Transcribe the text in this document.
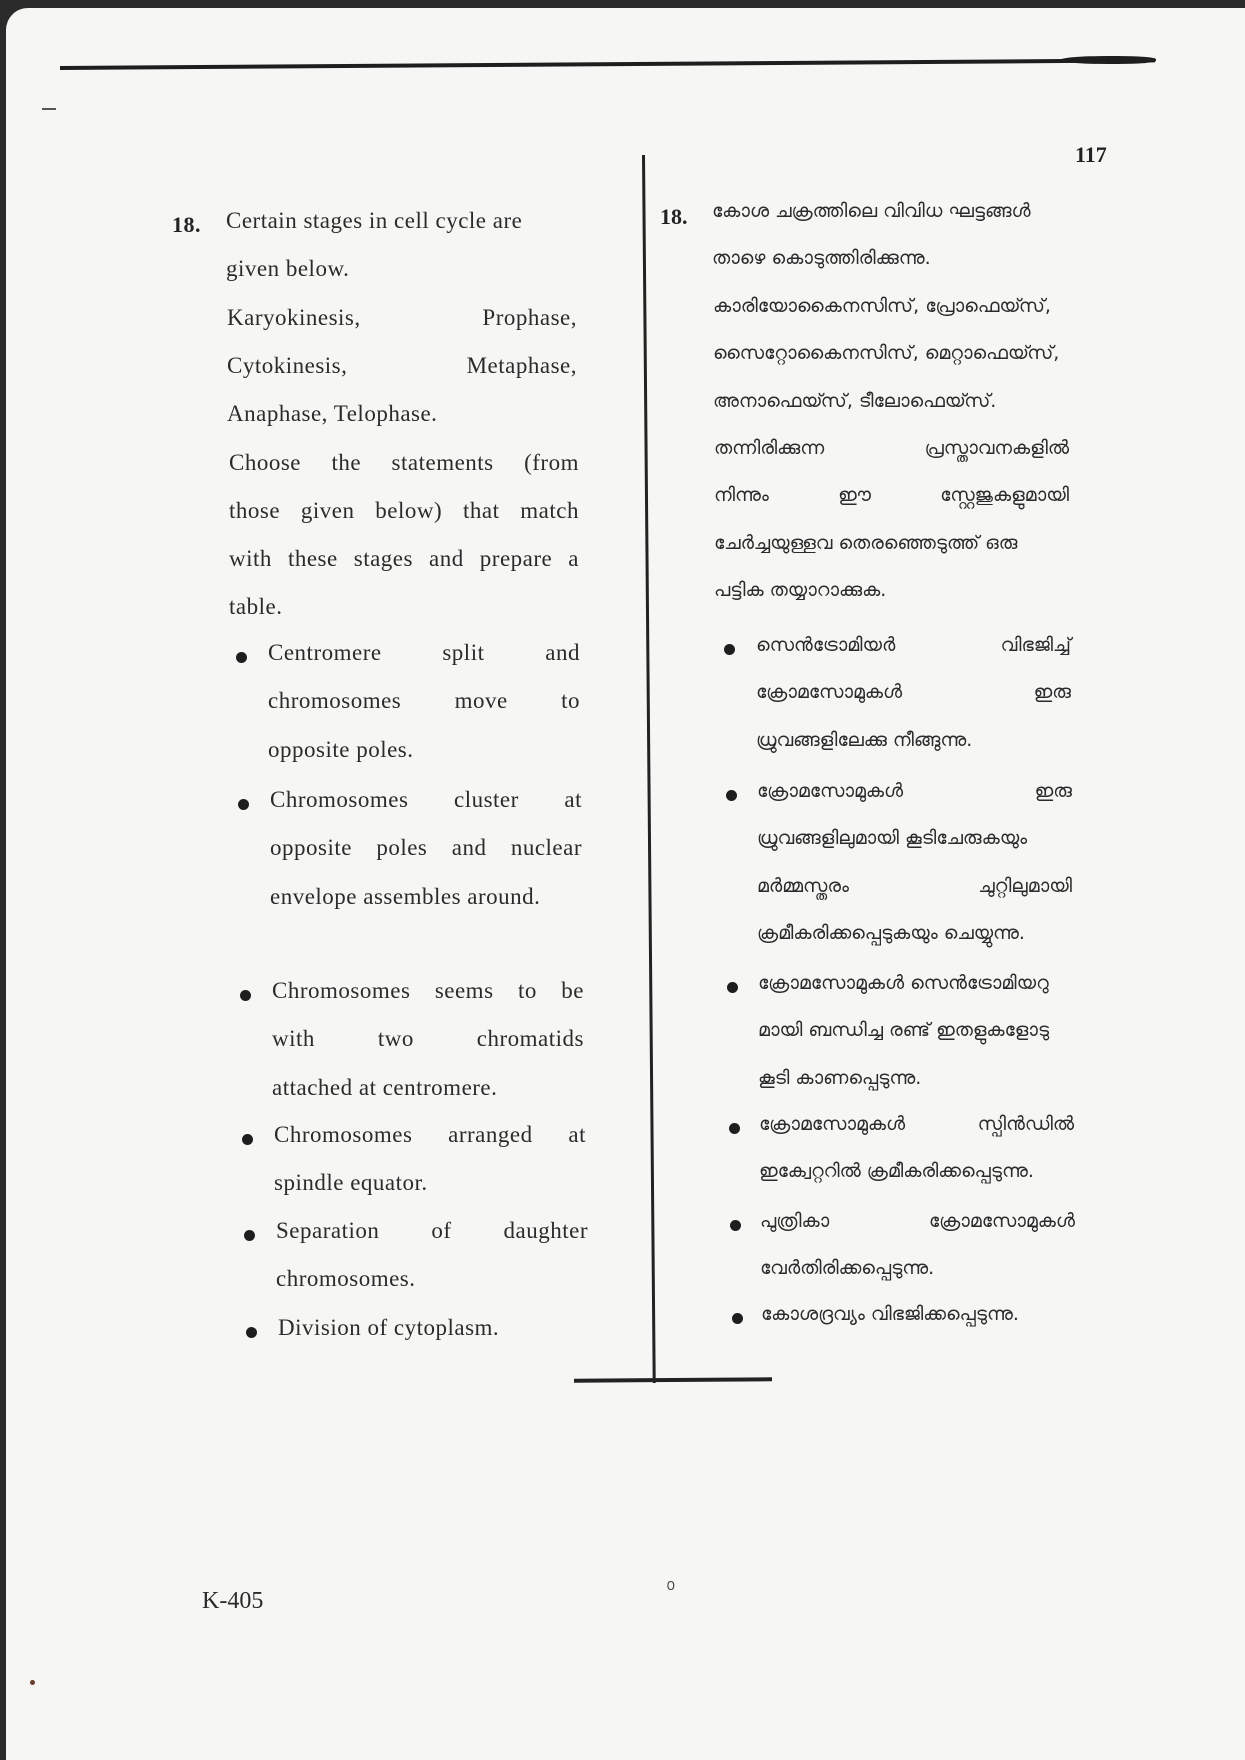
117
18. Certain stages in cell cycle are
given below.
Karyokinesis,	Prophase,
Cytokinesis,	Metaphase,
Anaphase, Telophase.
Choose the statements (from
those given below) that match
with these stages and prepare a
table.
Centromere	split	and
chromosomes move to
opposite poles.
Chromosomes cluster at
opposite poles and nuclear
envelope assembles around.
Chromosomes seems to be
with	two	chromatids
attached at centromere.
Chromosomes arranged at
spindle equator.
Separation of daughter
chromosomes.
Division of cytoplasm.
18. കോശ ചക്രത്തിലെ വിവിധ ഘട്ടങ്ങൾ
താഴെ കൊടുത്തിരിക്കുന്നു.
കാരിയോകൈനസിസ്, പ്രോഫെയ്സ്,
സൈറ്റോകൈനസിസ്, മെറ്റാഫെയ്സ്,
അനാഫെയ്സ്, ടീലോഫെയ്സ്.
തന്നിരിക്കുന്ന	പ്രസ്താവനകളിൽ
നിന്നും	ഈ	സ്റ്റേജുകളുമായി
ചേർച്ചയുള്ളവ തെരഞ്ഞെടുത്ത് ഒരു
പട്ടിക തയ്യാറാക്കുക.
സെൻട്രോമിയർ	വിഭജിച്ച്
ക്രോമസോമുകൾ	ഇരു
ധ്രുവങ്ങളിലേക്കു നീങ്ങുന്നു.
ക്രോമസോമുകൾ	ഇരു
ധ്രുവങ്ങളിലുമായി കൂടിചേരുകയും
മർമ്മസ്തരം	ചുറ്റിലുമായി
ക്രമീകരിക്കപ്പെടുകയും ചെയ്യുന്നു.
ക്രോമസോമുകൾ സെൻട്രോമിയറു
മായി ബന്ധിച്ച രണ്ട് ഇതളുകളോടു
കൂടി കാണപ്പെടുന്നു.
ക്രോമസോമുകൾ	സ്പിൻഡിൽ
ഇക്വേറ്ററിൽ ക്രമീകരിക്കപ്പെടുന്നു.
പുത്രികാ	ക്രോമസോമുകൾ
വേർതിരിക്കപ്പെടുന്നു.
കോശദ്രവ്യം വിഭജിക്കപ്പെടുന്നു.
K-405
൦
